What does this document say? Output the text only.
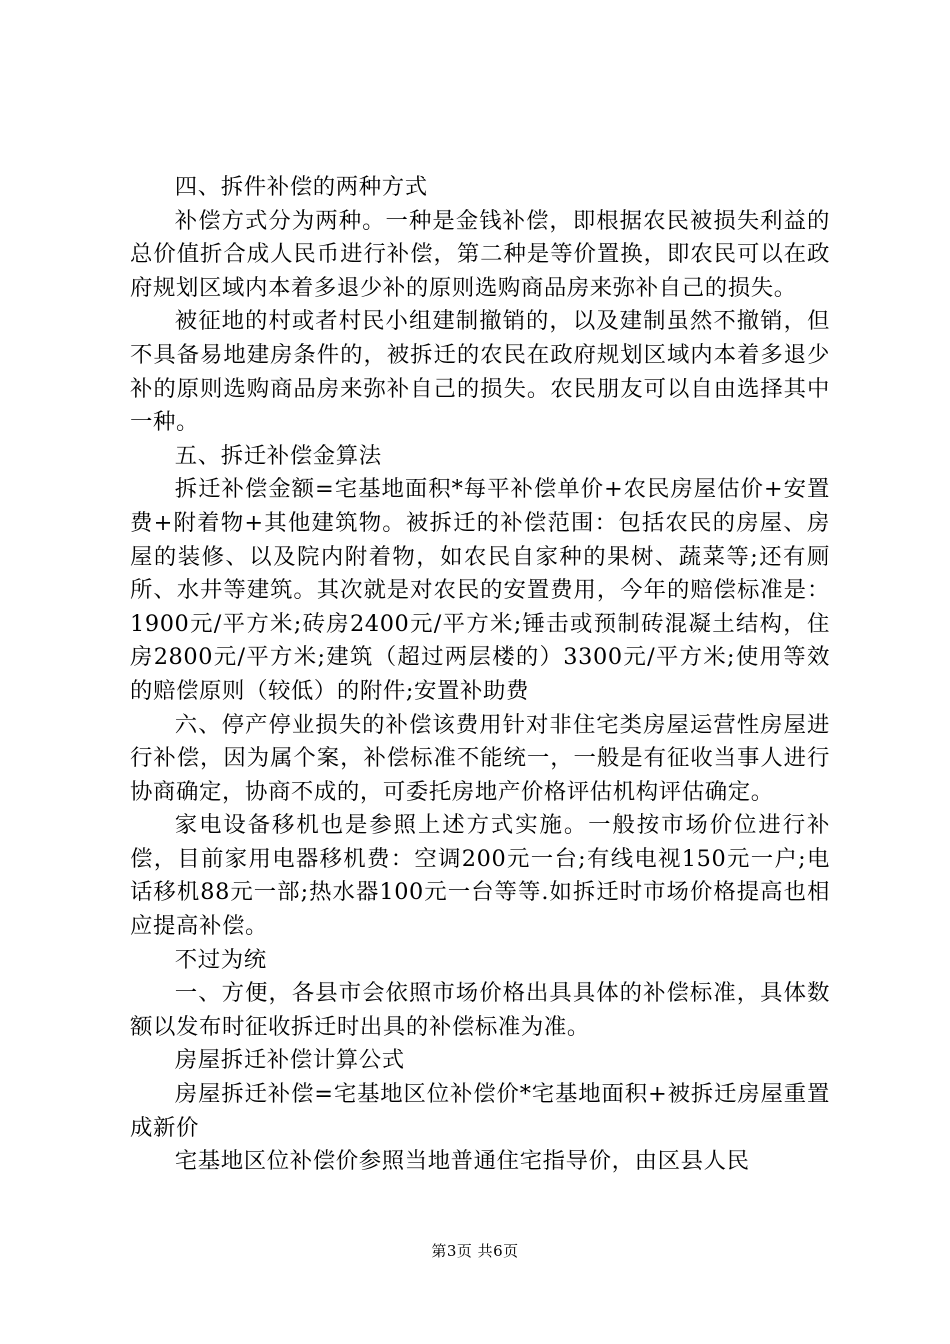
四、拆件补偿的两种方式

补偿方式分为两种。一种是金钱补偿，即根据农民被损失利益的总价值折合成人民币进行补偿，第二种是等价置换，即农民可以在政府规划区域内本着多退少补的原则选购商品房来弥补自己的损失。

被征地的村或者村民小组建制撤销的，以及建制虽然不撤销，但不具备易地建房条件的，被拆迁的农民在政府规划区域内本着多退少补的原则选购商品房来弥补自己的损失。农民朋友可以自由选择其中一种。

五、拆迁补偿金算法

拆迁补偿金额=宅基地面积*每平补偿单价+农民房屋估价+安置费+附着物+其他建筑物。被拆迁的补偿范围：包括农民的房屋、房屋的装修、以及院内附着物，如农民自家种的果树、蔬菜等;还有厕所、水井等建筑。其次就是对农民的安置费用，今年的赔偿标准是：1900元/平方米;砖房2400元/平方米;锤击或预制砖混凝土结构，住房2800元/平方米;建筑（超过两层楼的）3300元/平方米;使用等效的赔偿原则（较低）的附件;安置补助费

六、停产停业损失的补偿该费用针对非住宅类房屋运营性房屋进行补偿，因为属个案，补偿标准不能统一，一般是有征收当事人进行协商确定，协商不成的，可委托房地产价格评估机构评估确定。

家电设备移机也是参照上述方式实施。一般按市场价位进行补偿，目前家用电器移机费：空调200元一台;有线电视150元一户;电话移机88元一部;热水器100元一台等等.如拆迁时市场价格提高也相应提高补偿。

不过为统

一、方便，各县市会依照市场价格出具具体的补偿标准，具体数额以发布时征收拆迁时出具的补偿标准为准。

房屋拆迁补偿计算公式

房屋拆迁补偿=宅基地区位补偿价*宅基地面积+被拆迁房屋重置成新价

宅基地区位补偿价参照当地普通住宅指导价，由区县人民

第3页 共6页
